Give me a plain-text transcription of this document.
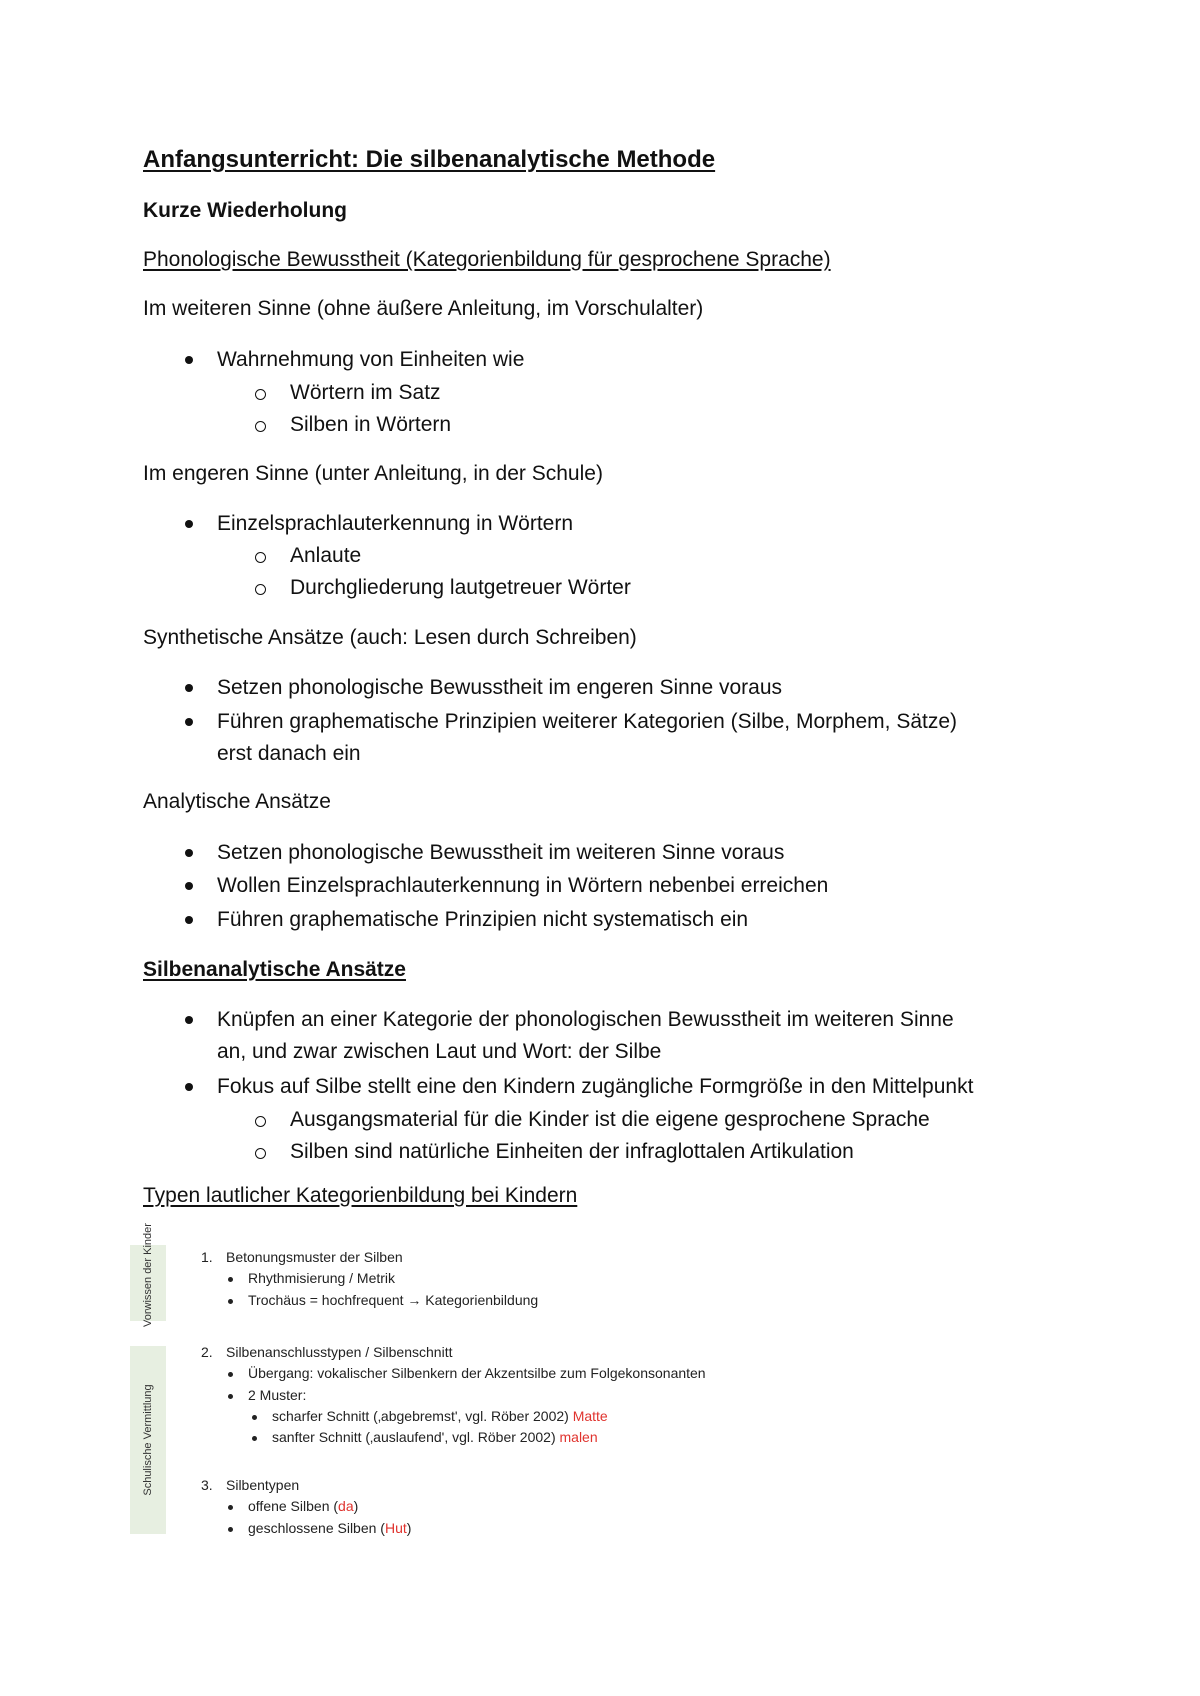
Anfangsunterricht: Die silbenanalytische Methode
Kurze Wiederholung
Phonologische Bewusstheit (Kategorienbildung für gesprochene Sprache)
Im weiteren Sinne (ohne äußere Anleitung, im Vorschulalter)
Wahrnehmung von Einheiten wie
Wörtern im Satz
Silben in Wörtern
Im engeren Sinne (unter Anleitung, in der Schule)
Einzelsprachlauterkennung in Wörtern
Anlaute
Durchgliederung lautgetreuer Wörter
Synthetische Ansätze (auch: Lesen durch Schreiben)
Setzen phonologische Bewusstheit im engeren Sinne voraus
Führen graphematische Prinzipien weiterer Kategorien (Silbe, Morphem, Sätze)
erst danach ein
Analytische Ansätze
Setzen phonologische Bewusstheit im weiteren Sinne voraus
Wollen Einzelsprachlauterkennung in Wörtern nebenbei erreichen
Führen graphematische Prinzipien nicht systematisch ein
Silbenanalytische Ansätze
Knüpfen an einer Kategorie der phonologischen Bewusstheit im weiteren Sinne
an, und zwar zwischen Laut und Wort: der Silbe
Fokus auf Silbe stellt eine den Kindern zugängliche Formgröße in den Mittelpunkt
Ausgangsmaterial für die Kinder ist die eigene gesprochene Sprache
Silben sind natürliche Einheiten der infraglottalen Artikulation
Typen lautlicher Kategorienbildung bei Kindern
Vorwissen der Kinder
Schulische Vermittlung
1. Betonungsmuster der Silben
Rhythmisierung / Metrik
Trochäus = hochfrequent → Kategorienbildung
2. Silbenanschlusstypen / Silbenschnitt
Übergang: vokalischer Silbenkern der Akzentsilbe zum Folgekonsonanten
2 Muster:
scharfer Schnitt (‚abgebremst', vgl. Röber 2002) Matte
sanfter Schnitt (‚auslaufend', vgl. Röber 2002) malen
3. Silbentypen
offene Silben (da)
geschlossene Silben (Hut)
